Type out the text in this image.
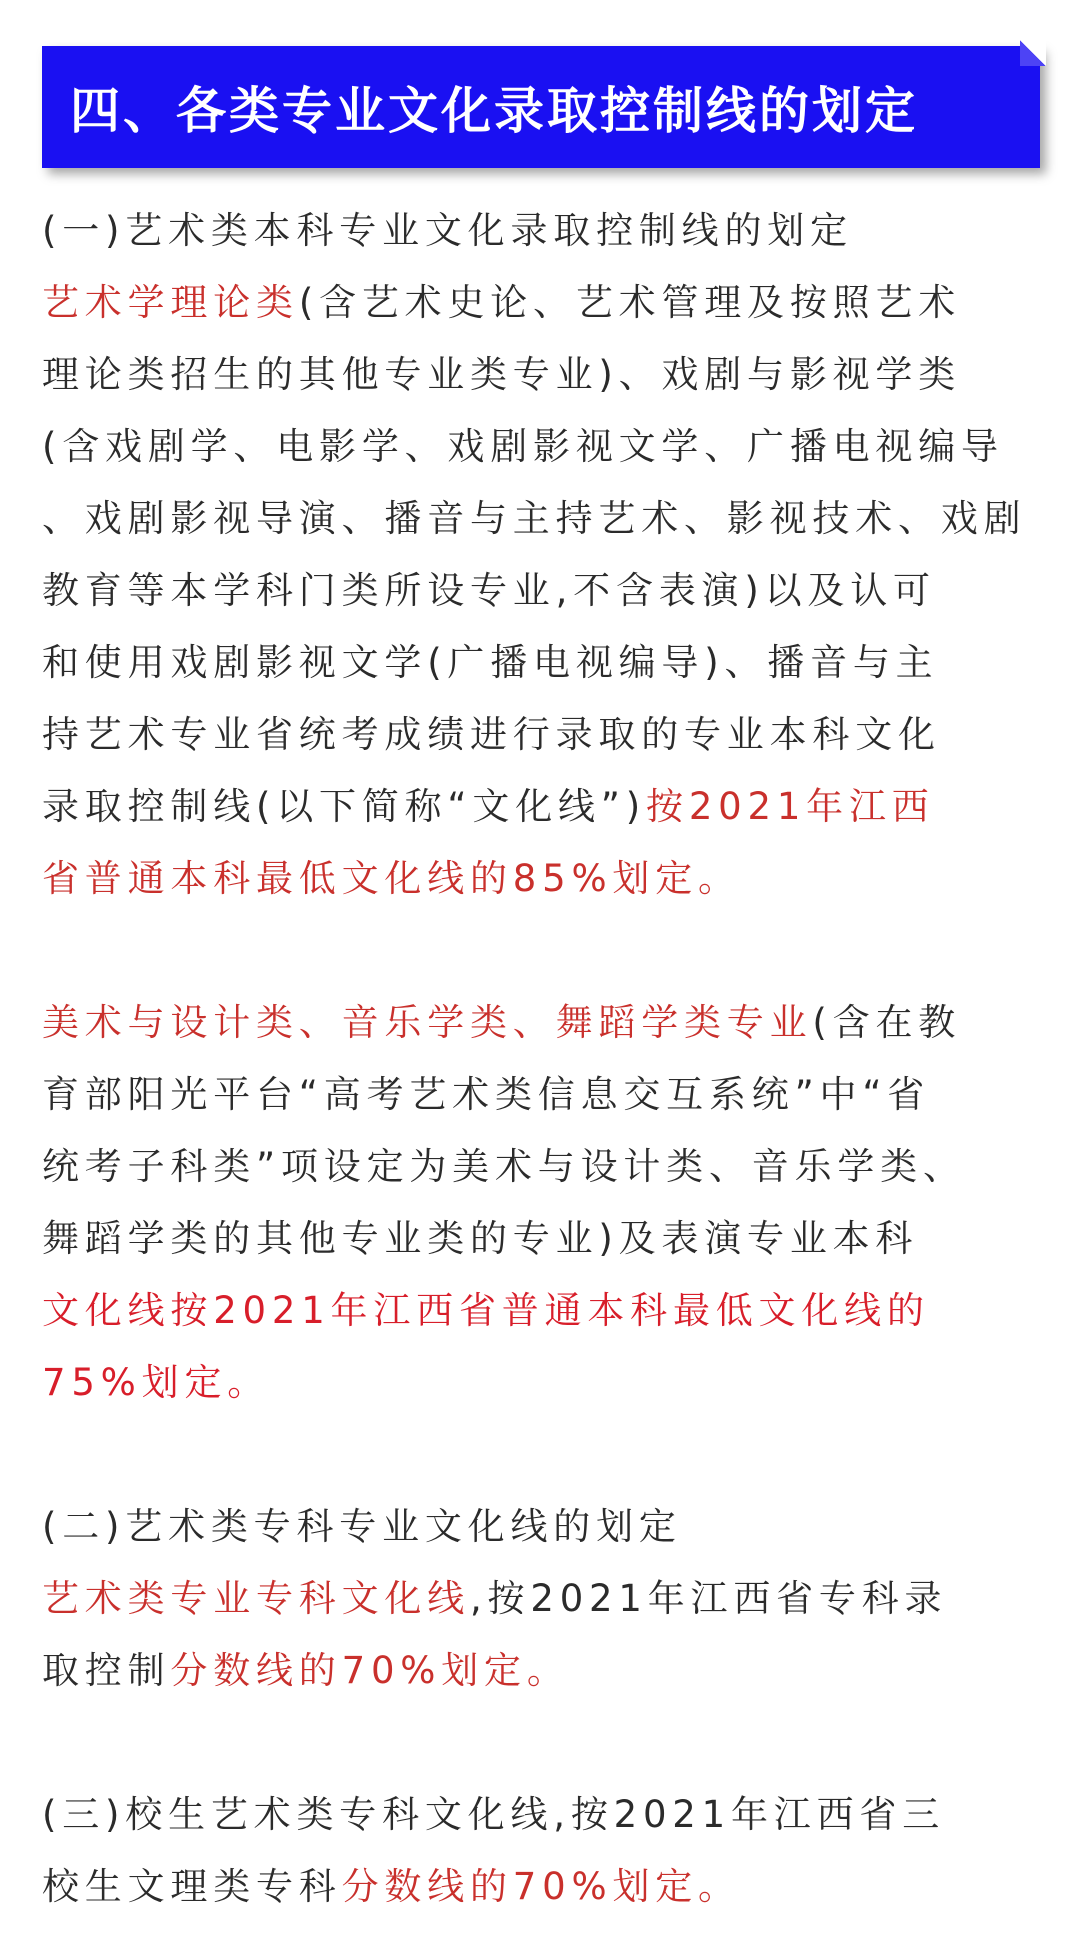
四、各类专业文化录取控制线的划定
(一)艺术类本科专业文化录取控制线的划定
艺术学理论类(含艺术史论、艺术管理及按照艺术
理论类招生的其他专业类专业)、戏剧与影视学类
(含戏剧学、电影学、戏剧影视文学、广播电视编导
、戏剧影视导演、播音与主持艺术、影视技术、戏剧
教育等本学科门类所设专业,不含表演)以及认可
和使用戏剧影视文学(广播电视编导)、播音与主
持艺术专业省统考成绩进行录取的专业本科文化
录取控制线(以下简称“文化线”)按2021年江西
省普通本科最低文化线的85%划定。
美术与设计类、音乐学类、舞蹈学类专业(含在教
育部阳光平台“高考艺术类信息交互系统”中“省
统考子科类”项设定为美术与设计类、音乐学类、
舞蹈学类的其他专业类的专业)及表演专业本科
文化线按2021年江西省普通本科最低文化线的
75%划定。
(二)艺术类专科专业文化线的划定
艺术类专业专科文化线,按2021年江西省专科录
取控制分数线的70%划定。
(三)校生艺术类专科文化线,按2021年江西省三
校生文理类专科分数线的70%划定。
